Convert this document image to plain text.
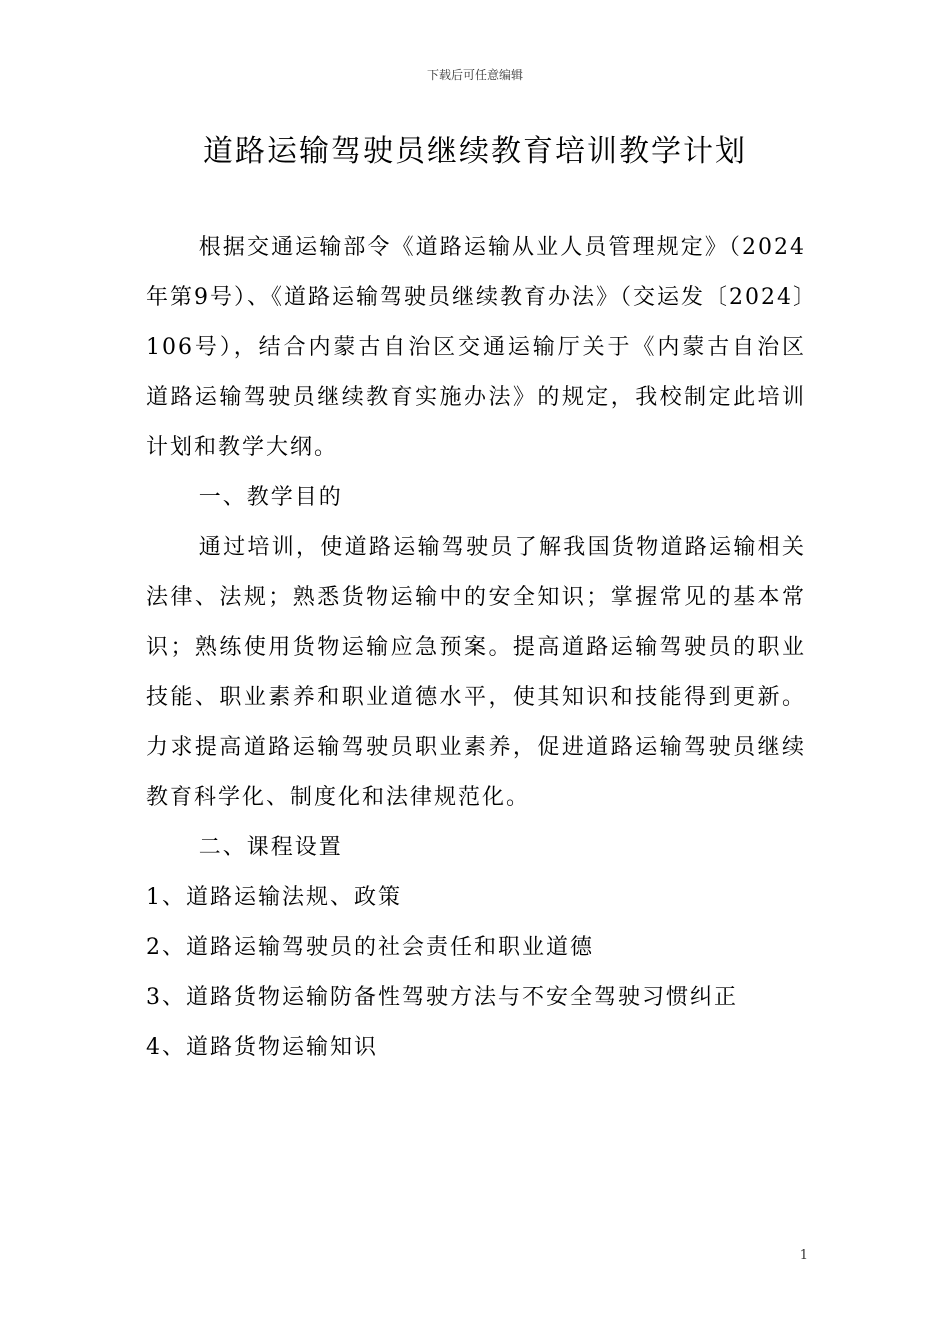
下载后可任意编辑
道路运输驾驶员继续教育培训教学计划

根据交通运输部令《道路运输从业人员管理规定》（2024年第9号）、《道路运输驾驶员继续教育办法》（交运发〔2024〕106号），结合内蒙古自治区交通运输厅关于《内蒙古自治区道路运输驾驶员继续教育实施办法》的规定，我校制定此培训计划和教学大纲。

一、教学目的

通过培训，使道路运输驾驶员了解我国货物道路运输相关法律、法规；熟悉货物运输中的安全知识；掌握常见的基本常识；熟练使用货物运输应急预案。提高道路运输驾驶员的职业技能、职业素养和职业道德水平，使其知识和技能得到更新。力求提高道路运输驾驶员职业素养，促进道路运输驾驶员继续教育科学化、制度化和法律规范化。

二、课程设置

1、道路运输法规、政策

2、道路运输驾驶员的社会责任和职业道德

3、道路货物运输防备性驾驶方法与不安全驾驶习惯纠正

4、道路货物运输知识

1
